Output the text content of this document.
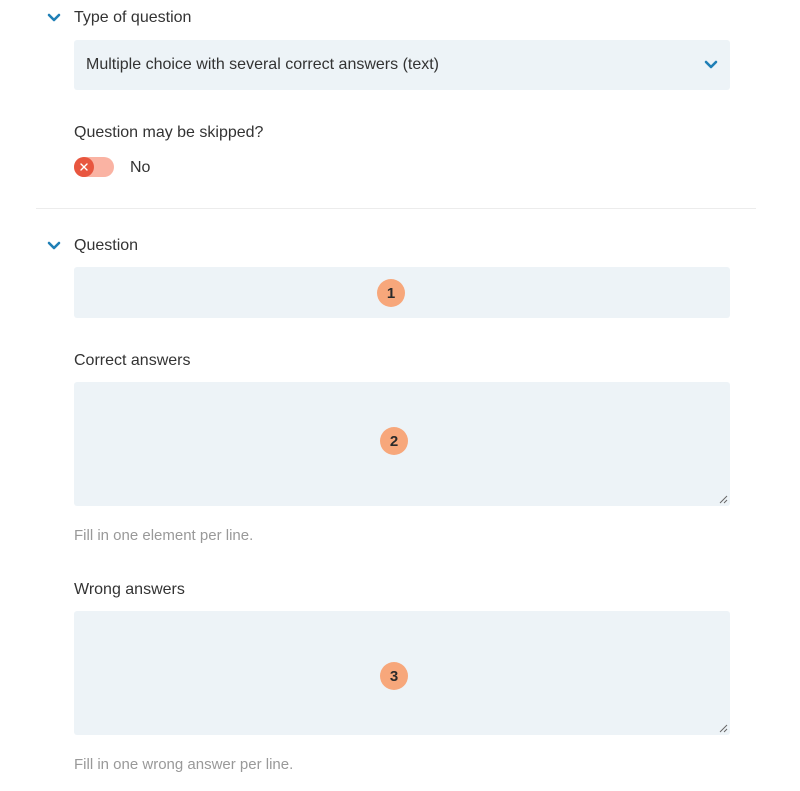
Type of question
Multiple choice with several correct answers (text)
Question may be skipped?
No
Question
1
Correct answers
2
Fill in one element per line.
Wrong answers
3
Fill in one wrong answer per line.
